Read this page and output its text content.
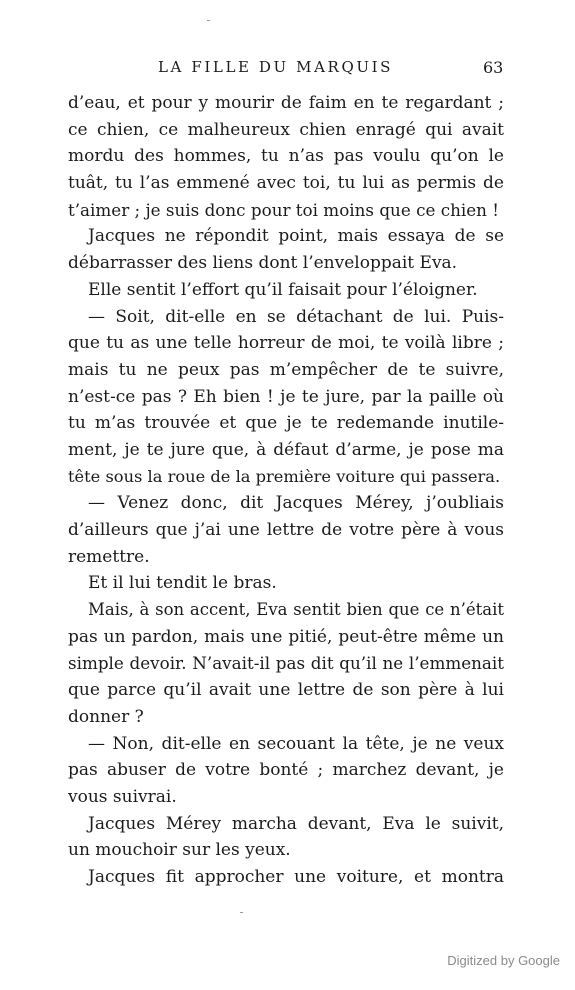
LA FILLE DU MARQUIS	63
d’eau, et pour y mourir de faim en te regardant ;
ce chien, ce malheureux chien enragé qui avait
mordu des hommes, tu n’as pas voulu qu’on le
tuât, tu l’as emmené avec toi, tu lui as permis de
t’aimer ; je suis donc pour toi moins que ce chien !
Jacques ne répondit point, mais essaya de se
débarrasser des liens dont l’enveloppait Eva.
Elle sentit l’effort qu’il faisait pour l’éloigner.
— Soit, dit-elle en se détachant de lui. Puis-
que tu as une telle horreur de moi, te voilà libre ;
mais tu ne peux pas m’empêcher de te suivre,
n’est-ce pas ? Eh bien ! je te jure, par la paille où
tu m’as trouvée et que je te redemande inutile-
ment, je te jure que, à défaut d’arme, je pose ma
tête sous la roue de la première voiture qui passera.
— Venez donc, dit Jacques Mérey, j’oubliais
d’ailleurs que j’ai une lettre de votre père à vous
remettre.
Et il lui tendit le bras.
Mais, à son accent, Eva sentit bien que ce n’était
pas un pardon, mais une pitié, peut-être même un
simple devoir. N’avait-il pas dit qu’il ne l’emmenait
que parce qu’il avait une lettre de son père à lui
donner ?
— Non, dit-elle en secouant la tête, je ne veux
pas abuser de votre bonté ; marchez devant, je
vous suivrai.
Jacques Mérey marcha devant, Eva le suivit,
un mouchoir sur les yeux.
Jacques fit approcher une voiture, et montra
Digitized by Google
